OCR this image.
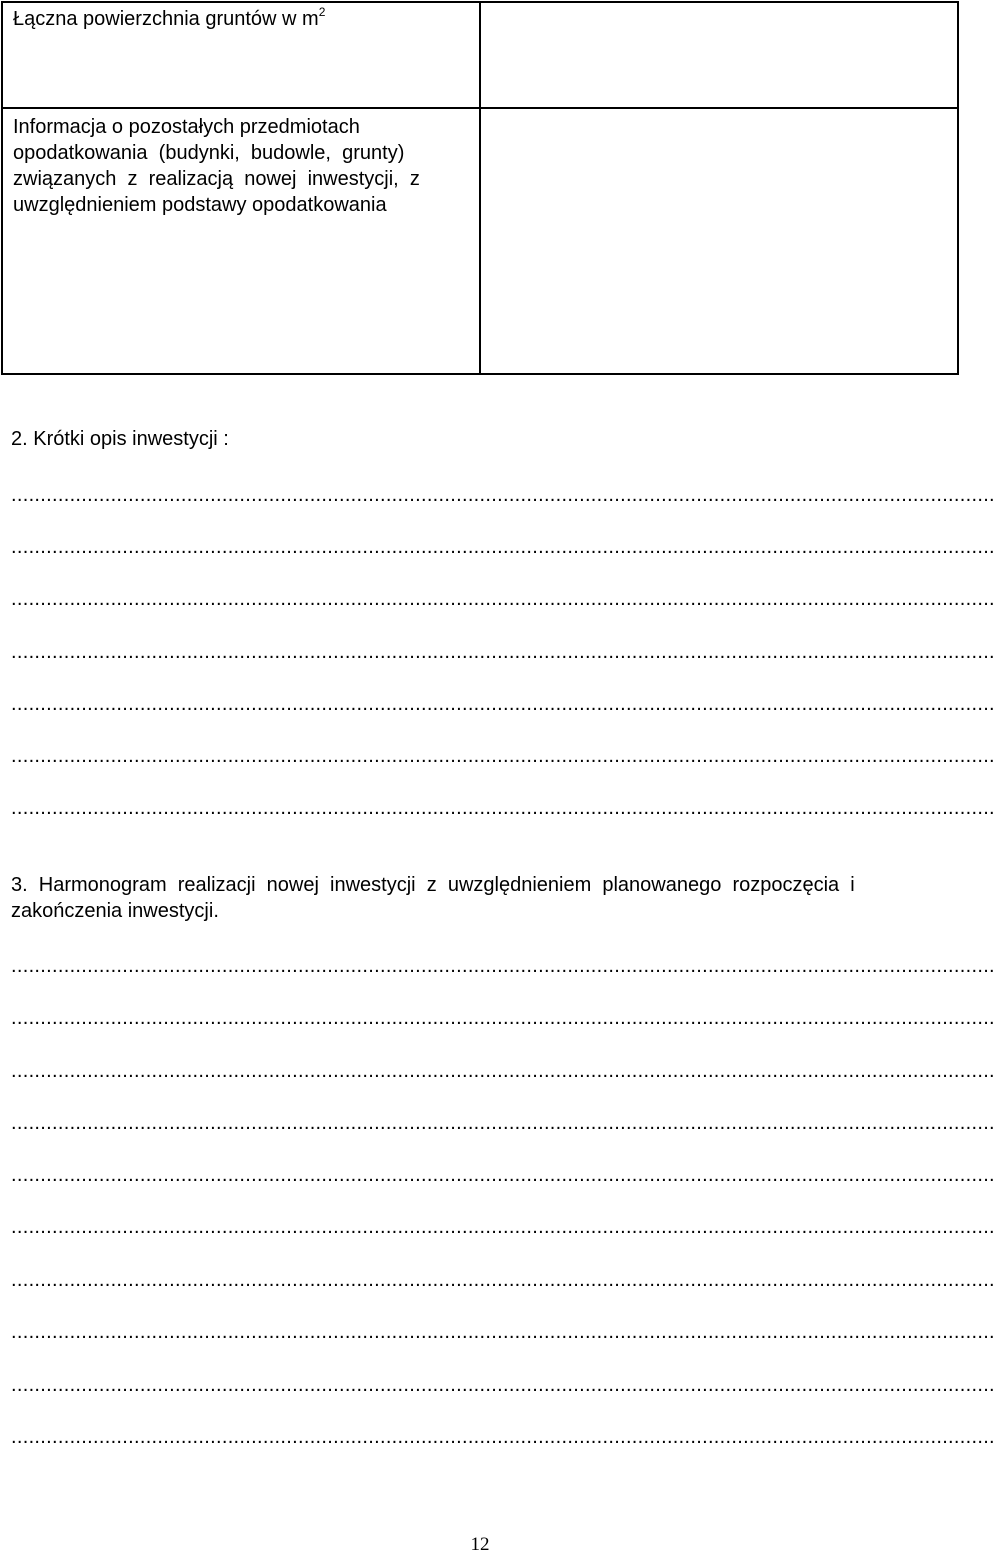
Łączna powierzchnia gruntów w $m^2$

Informacja o pozostałych przedmiotach
opodatkowania  (budynki,  budowle,  grunty)
związanych  z  realizacją  nowej  inwestycji,  z
uwzględnieniem podstawy opodatkowania	

2. Krótki opis inwestycji :
........................................................................................................................................................................
........................................................................................................................................................................
........................................................................................................................................................................
........................................................................................................................................................................
........................................................................................................................................................................
........................................................................................................................................................................
........................................................................................................................................................................
3.  Harmonogram  realizacji  nowej  inwestycji  z  uwzględnieniem  planowanego  rozpoczęcia  i
zakończenia inwestycji.
........................................................................................................................................................................
........................................................................................................................................................................
........................................................................................................................................................................
........................................................................................................................................................................
........................................................................................................................................................................
........................................................................................................................................................................
........................................................................................................................................................................
........................................................................................................................................................................
........................................................................................................................................................................
........................................................................................................................................................................
12
